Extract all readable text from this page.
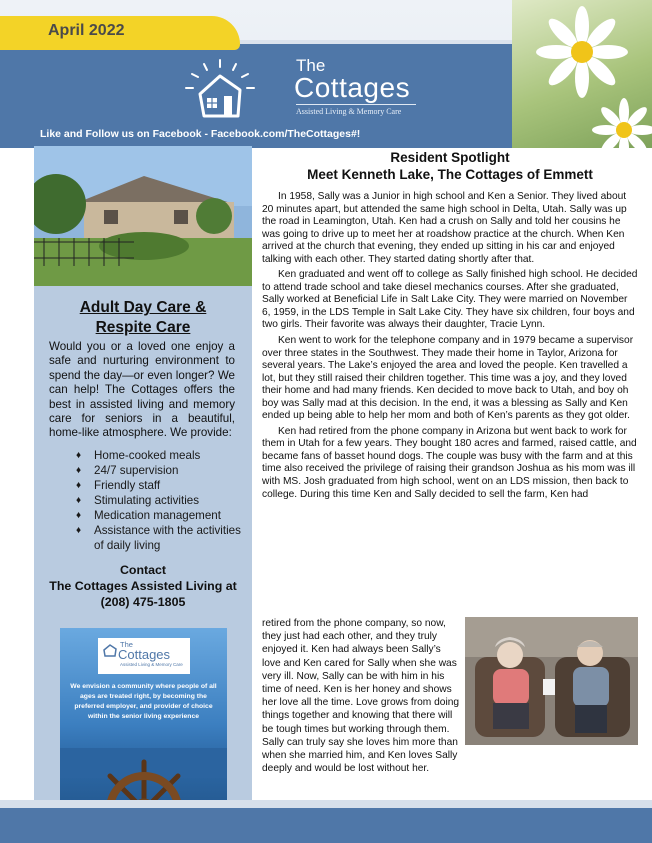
April 2022
The
Cottages
Assisted Living & Memory Care
Like and Follow us on Facebook - Facebook.com/TheCottages#!
Adult Day Care &
Respite Care
Would you or a loved one enjoy a safe and nurturing environment to spend the day—or even longer? We can help! The Cottages offers the best in assisted living and memory care for seniors in a beautiful, home-like atmosphere. We provide:
♦ Home-cooked meals
♦ 24/7 supervision
♦ Friendly staff
♦ Stimulating activities
♦ Medication management
♦ Assistance with the activities of daily living
Contact
The Cottages Assisted Living at
(208) 475-1805
The
Cottages
Assisted Living & Memory Care
We envision a community where people of all ages are treated right, by becoming the preferred employer, and provider of choice within the senior living experience
Resident Spotlight
Meet Kenneth Lake, The Cottages of Emmett

In 1958, Sally was a Junior in high school and Ken a Senior. They lived about 20 minutes apart, but attended the same high school in Delta, Utah. Sally was up the road in Leamington, Utah. Ken had a crush on Sally and told her cousins he was going to drive up to meet her at roadshow practice at the church. When Ken arrived at the church that evening, they ended up sitting in his car and enjoyed talking with each other. They started dating shortly after that.

Ken graduated and went off to college as Sally finished high school. He decided to attend trade school and take diesel mechanics courses. After she graduated, Sally worked at Beneficial Life in Salt Lake City. They were married on November 6, 1959, in the LDS Temple in Salt Lake City. They have six children, four boys and two girls. Their favorite was always their daughter, Tracie Lynn.

Ken went to work for the telephone company and in 1979 became a supervisor over three states in the Southwest. They made their home in Taylor, Arizona for several years. The Lake’s enjoyed the area and loved the people. Ken travelled a lot, but they still raised their children together. This time was a joy, and they loved their home and had many friends. Ken decided to move back to Utah, and boy oh boy was Sally mad at this decision. In the end, it was a blessing as Sally and Ken ended up being able to help her mom and both of Ken’s parents as they got older.

Ken had retired from the phone company in Arizona but went back to work for them in Utah for a few years. They bought 180 acres and farmed, raised cattle, and became fans of basset hound dogs. The couple was busy with the farm and at this time also received the privilege of raising their grandson Joshua as his mom was ill with MS. Josh graduated from high school, went on an LDS mission, then back to college. During this time Ken and Sally decided to sell the farm, Ken had

retired from the phone company, so now, they just had each other, and they truly enjoyed it. Ken had always been Sally’s love and Ken cared for Sally when she was very ill. Now, Sally can be with him in his time of need. Ken is her honey and shows her love all the time. Love grows from doing things together and knowing that there will be tough times but working through them. Sally can truly say she loves him more than when she married him, and Ken loves Sally deeply and would be lost without her.
